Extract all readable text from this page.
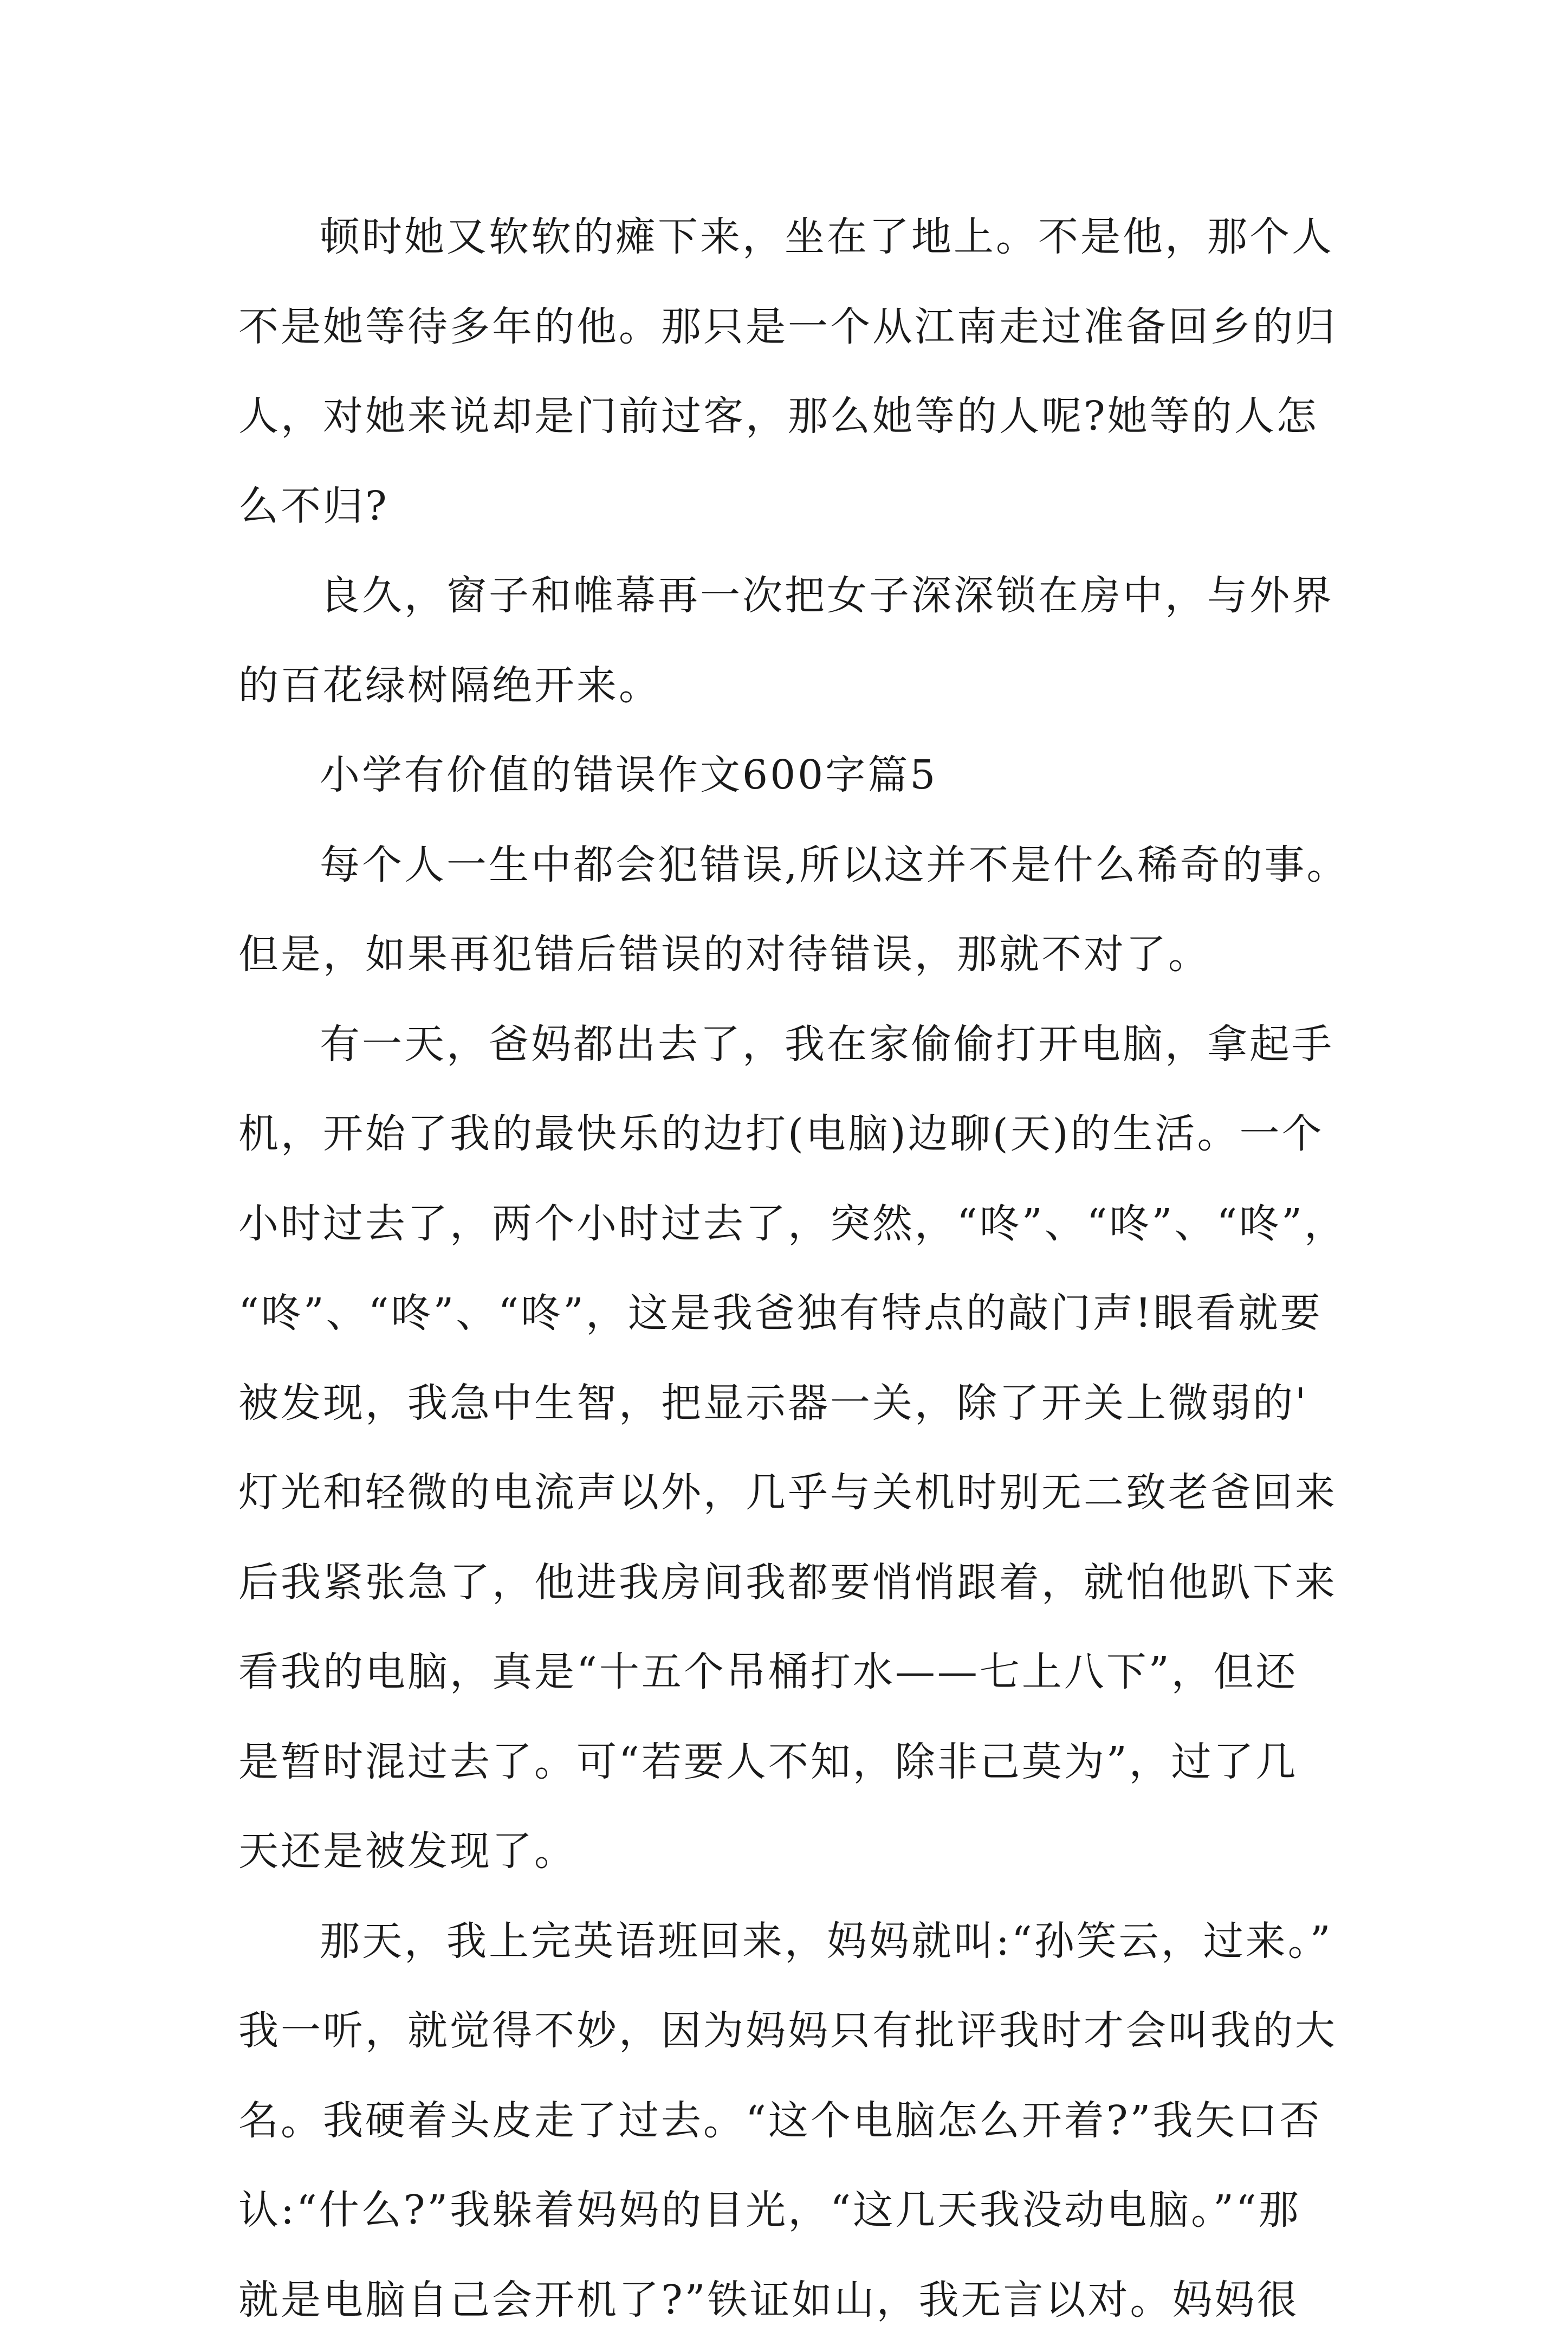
顿时她又软软的瘫下来，坐在了地上。不是他，那个人
不是她等待多年的他。那只是一个从江南走过准备回乡的归
人，对她来说却是门前过客，那么她等的人呢?她等的人怎
么不归?
良久，窗子和帷幕再一次把女子深深锁在房中，与外界
的百花绿树隔绝开来。
小学有价值的错误作文600字篇5
每个人一生中都会犯错误,所以这并不是什么稀奇的事。
但是，如果再犯错后错误的对待错误，那就不对了。
有一天，爸妈都出去了，我在家偷偷打开电脑，拿起手
机，开始了我的最快乐的边打(电脑)边聊(天)的生活。一个
小时过去了，两个小时过去了，突然，“咚”、“咚”、“咚”，
“咚”、“咚”、“咚”，这是我爸独有特点的敲门声!眼看就要
被发现，我急中生智，把显示器一关，除了开关上微弱的'
灯光和轻微的电流声以外，几乎与关机时别无二致老爸回来
后我紧张急了，他进我房间我都要悄悄跟着，就怕他趴下来
看我的电脑，真是“十五个吊桶打水——七上八下”，但还
是暂时混过去了。可“若要人不知，除非己莫为”，过了几
天还是被发现了。
那天，我上完英语班回来，妈妈就叫:“孙笑云，过来。”
我一听，就觉得不妙，因为妈妈只有批评我时才会叫我的大
名。我硬着头皮走了过去。“这个电脑怎么开着?”我矢口否
认:“什么?”我躲着妈妈的目光，“这几天我没动电脑。”“那
就是电脑自己会开机了?”铁证如山，我无言以对。妈妈很
